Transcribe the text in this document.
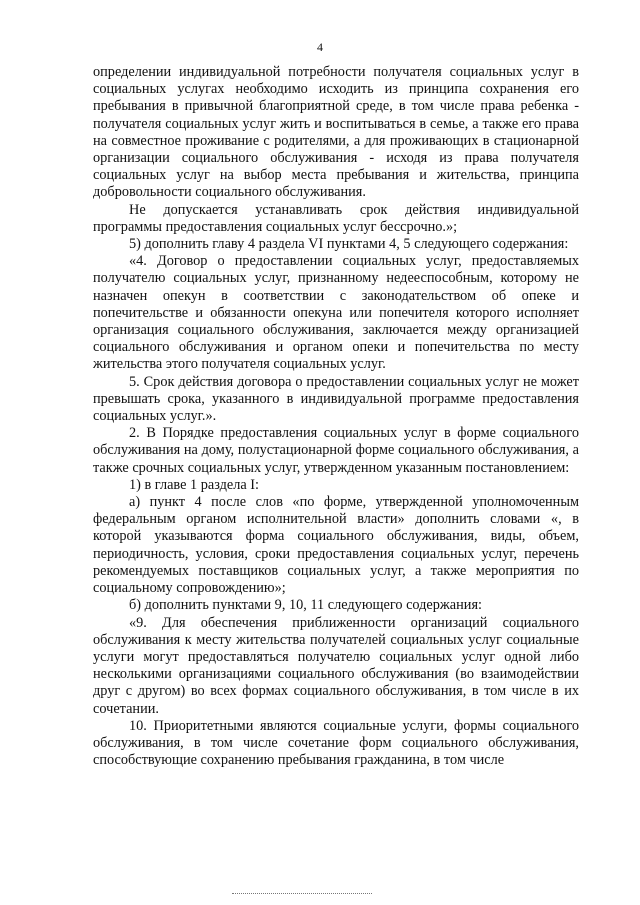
4

определении индивидуальной потребности получателя социальных услуг в социальных услугах необходимо исходить из принципа сохранения его пребывания в привычной благоприятной среде, в том числе права ребенка - получателя социальных услуг жить и воспитываться в семье, а также его права на совместное проживание с родителями, а для проживающих в стационарной организации социального обслуживания - исходя из права получателя социальных услуг на выбор места пребывания и жительства, принципа добровольности социального обслуживания.

Не допускается устанавливать срок действия индивидуальной программы предоставления социальных услуг бессрочно.»;

5) дополнить главу 4 раздела VI пунктами 4, 5 следующего содержания:

«4. Договор о предоставлении социальных услуг, предоставляемых получателю социальных услуг, признанному недееспособным, которому не назначен опекун в соответствии с законодательством об опеке и попечительстве и обязанности опекуна или попечителя которого исполняет организация социального обслуживания, заключается между организацией социального обслуживания и органом опеки и попечительства по месту жительства этого получателя социальных услуг.

5. Срок действия договора о предоставлении социальных услуг не может превышать срока, указанного в индивидуальной программе предоставления социальных услуг.».

2. В Порядке предоставления социальных услуг в форме социального обслуживания на дому, полустационарной форме социального обслуживания, а также срочных социальных услуг, утвержденном указанным постановлением:

1) в главе 1 раздела I:

а) пункт 4 после слов «по форме, утвержденной уполномоченным федеральным органом исполнительной власти» дополнить словами «, в которой указываются форма социального обслуживания, виды, объем, периодичность, условия, сроки предоставления социальных услуг, перечень рекомендуемых поставщиков социальных услуг, а также мероприятия по социальному сопровождению»;

б) дополнить пунктами 9, 10, 11 следующего содержания:

«9. Для обеспечения приближенности организаций социального обслуживания к месту жительства получателей социальных услуг социальные услуги могут предоставляться получателю социальных услуг одной либо несколькими организациями социального обслуживания (во взаимодействии друг с другом) во всех формах социального обслуживания, в том числе в их сочетании.

10. Приоритетными являются социальные услуги, формы социального обслуживания, в том числе сочетание форм социального обслуживания, способствующие сохранению пребывания гражданина, в том числе
